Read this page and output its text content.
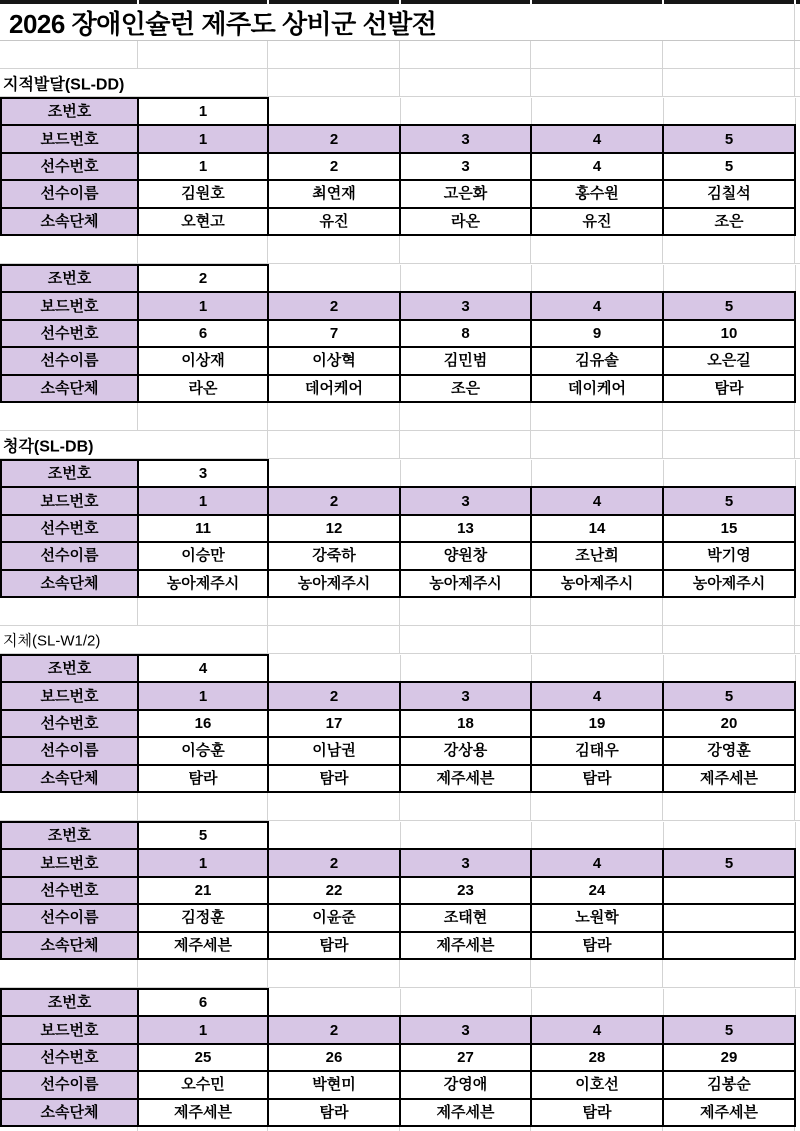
2026 장애인슐런 제주도 상비군 선발전
지적발달(SL-DD)
조번호	1				
보드번호	1	2	3	4	5
선수번호	1	2	3	4	5
선수이름	김원호	최연재	고은화	홍수원	김칠석
소속단체	오현고	유진	라온	유진	조은
조번호	2				
보드번호	1	2	3	4	5
선수번호	6	7	8	9	10
선수이름	이상재	이상혁	김민범	김유솔	오은길
소속단체	라온	데어케어	조은	데이케어	탐라
청각(SL-DB)
조번호	3				
보드번호	1	2	3	4	5
선수번호	11	12	13	14	15
선수이름	이승만	강죽하	양원창	조난희	박기영
소속단체	농아제주시	농아제주시	농아제주시	농아제주시	농아제주시
지체(SL-W1/2)
조번호	4				
보드번호	1	2	3	4	5
선수번호	16	17	18	19	20
선수이름	이승훈	이남권	강상용	김태우	강영훈
소속단체	탐라	탐라	제주세븐	탐라	제주세븐
조번호	5				
보드번호	1	2	3	4	5
선수번호	21	22	23	24	
선수이름	김정훈	이윤준	조태현	노원학	
소속단체	제주세븐	탐라	제주세븐	탐라	
조번호	6				
보드번호	1	2	3	4	5
선수번호	25	26	27	28	29
선수이름	오수민	박현미	강영애	이호선	김봉순
소속단체	제주세븐	탐라	제주세븐	탐라	제주세븐
